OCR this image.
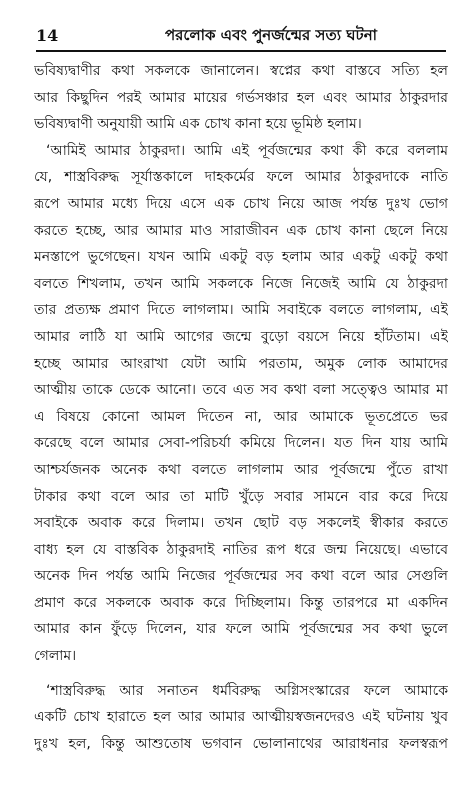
14	পরলোক এবং পুনর্জন্মের সত্য ঘটনা
ভবিষ্যদ্বাণীর কথা সকলকে জানালেন। স্বপ্নের কথা বাস্তবে সত্যি হল
আর কিছুদিন পরই আমার মায়ের গর্ভসঞ্চার হল এবং আমার ঠাকুরদার
ভবিষ্যদ্বাণী অনুযায়ী আমি এক চোখ কানা হয়ে ভূমিষ্ঠ হলাম।
‘আমিই আমার ঠাকুরদা। আমি এই পূর্বজন্মের কথা কী করে বললাম
যে, শাস্ত্রবিরুদ্ধ সূর্যাস্তকালে দাহকর্মের ফলে আমার ঠাকুরদাকে নাতি
রূপে আমার মধ্যে দিয়ে এসে এক চোখ নিয়ে আজ পর্যন্ত দুঃখ ভোগ
করতে হচ্ছে, আর আমার মাও সারাজীবন এক চোখ কানা ছেলে নিয়ে
মনস্তাপে ভুগেছেন। যখন আমি একটু বড় হলাম আর একটু একটু কথা
বলতে শিখলাম, তখন আমি সকলকে নিজে নিজেই আমি যে ঠাকুরদা
তার প্রত্যক্ষ প্রমাণ দিতে লাগলাম। আমি সবাইকে বলতে লাগলাম, এই
আমার লাঠি যা আমি আগের জন্মে বুড়ো বয়সে নিয়ে হাঁটতাম। এই
হচ্ছে আমার আংরাখা যেটা আমি পরতাম, অমুক লোক আমাদের
আত্মীয় তাকে ডেকে আনো। তবে এত সব কথা বলা সত্ত্বেও আমার মা
এ বিষয়ে কোনো আমল দিতেন না, আর আমাকে ভূতপ্রেতে ভর
করেছে বলে আমার সেবা-পরিচর্যা কমিয়ে দিলেন। যত দিন যায় আমি
আশ্চর্যজনক অনেক কথা বলতে লাগলাম আর পূর্বজন্মে পুঁতে রাখা
টাকার কথা বলে আর তা মাটি খুঁড়ে সবার সামনে বার করে দিয়ে
সবাইকে অবাক করে দিলাম। তখন ছোট বড় সকলেই স্বীকার করতে
বাধ্য হল যে বাস্তবিক ঠাকুরদাই নাতির রূপ ধরে জন্ম নিয়েছে। এভাবে
অনেক দিন পর্যন্ত আমি নিজের পূর্বজন্মের সব কথা বলে আর সেগুলি
প্রমাণ করে সকলকে অবাক করে দিচ্ছিলাম। কিন্তু তারপরে মা একদিন
আমার কান ফুঁড়ে দিলেন, যার ফলে আমি পূর্বজন্মের সব কথা ভুলে
গেলাম।
‘শাস্ত্রবিরুদ্ধ আর সনাতন ধর্মবিরুদ্ধ অগ্নিসংস্কারের ফলে আমাকে
একটি চোখ হারাতে হল আর আমার আত্মীয়স্বজনদেরও এই ঘটনায় খুব
দুঃখ হল, কিন্তু আশুতোষ ভগবান ভোলানাথের আরাধনার ফলস্বরূপ
